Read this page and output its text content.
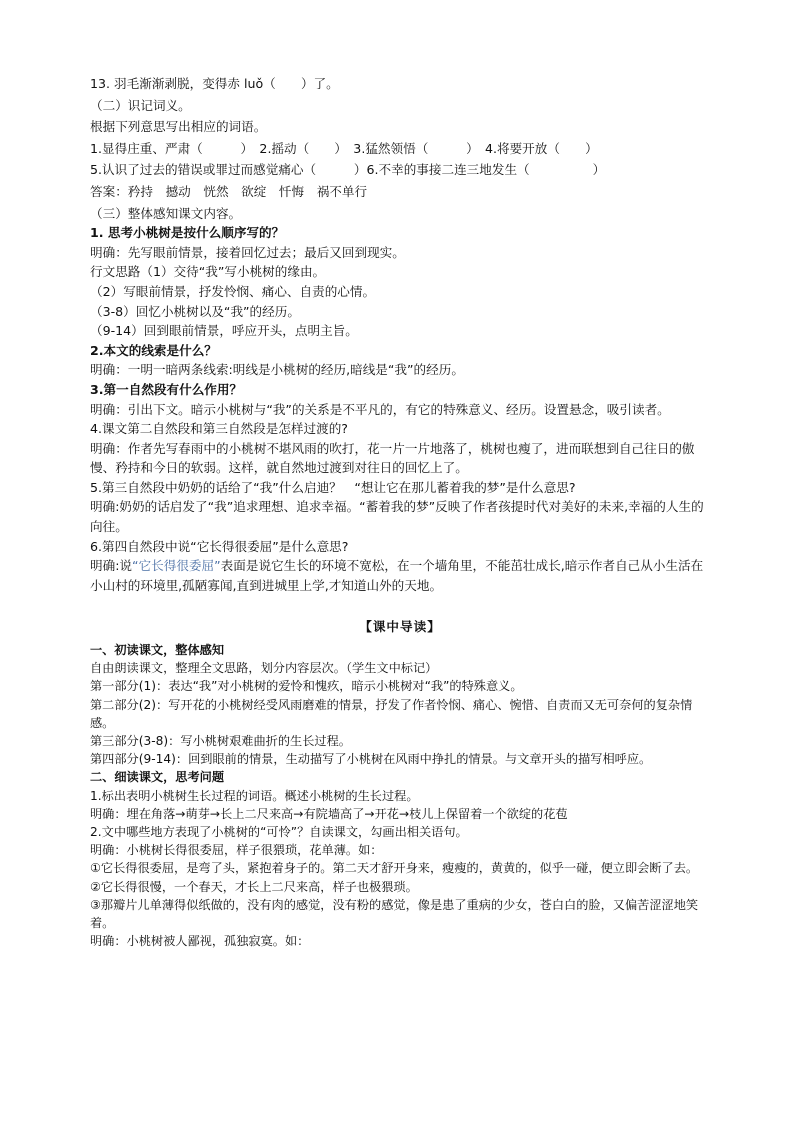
13. 羽毛渐渐剥脱，变得赤 luǒ（　　）了。

（二）识记词义。

根据下列意思写出相应的词语。

1.显得庄重、严肃（　　　）　2.摇动（　　）　3.猛然领悟（　　　）　4.将要开放（　　）

5.认识了过去的错误或罪过而感觉痛心（　　　）6.不幸的事接二连三地发生（　　　　　）

答案：矜持　撼动　恍然　欲绽　忏悔　祸不单行

（三）整体感知课文内容。

1. 思考小桃树是按什么顺序写的？

明确：先写眼前情景，接着回忆过去；最后又回到现实。

行文思路（1）交待“我”写小桃树的缘由。

（2）写眼前情景，抒发怜悯、痛心、自责的心情。

（3-8）回忆小桃树以及“我”的经历。

（9-14）回到眼前情景，呼应开头，点明主旨。

2.本文的线索是什么？

明确：一明一暗两条线索:明线是小桃树的经历,暗线是“我”的经历。

3.第一自然段有什么作用？

明确：引出下文。暗示小桃树与“我”的关系是不平凡的，有它的特殊意义、经历。设置悬念，吸引读者。

4.课文第二自然段和第三自然段是怎样过渡的?

明确：作者先写春雨中的小桃树不堪风雨的吹打，花一片一片地落了，桃树也瘦了，进而联想到自己往日的傲慢、矜持和今日的软弱。这样，就自然地过渡到对往日的回忆上了。

5.第三自然段中奶奶的话给了“我”什么启迪？　“想让它在那儿蓄着我的梦”是什么意思?

明确:奶奶的话启发了“我”追求理想、追求幸福。“蓄着我的梦”反映了作者孩提时代对美好的未来,幸福的人生的向往。

6.第四自然段中说“它长得很委屈”是什么意思?

明确:说“它长得很委屈”表面是说它生长的环境不宽松，在一个墙角里，不能茁壮成长,暗示作者自己从小生活在小山村的环境里,孤陋寡闻,直到进城里上学,才知道山外的天地。

【课中导读】

一、初读课文，整体感知

自由朗读课文，整理全文思路，划分内容层次。（学生文中标记）

第一部分(1)：表达“我”对小桃树的爱怜和愧疚，暗示小桃树对“我”的特殊意义。

第二部分(2)：写开花的小桃树经受风雨磨难的情景，抒发了作者怜悯、痛心、惋惜、自责而又无可奈何的复杂情感。

第三部分(3-8)：写小桃树艰难曲折的生长过程。

第四部分(9-14)：回到眼前的情景，生动描写了小桃树在风雨中挣扎的情景。与文章开头的描写相呼应。

二、细读课文，思考问题

1.标出表明小桃树生长过程的词语。概述小桃树的生长过程。

明确：埋在角落→萌芽→长上二尺来高→有院墙高了→开花→枝儿上保留着一个欲绽的花苞

2.文中哪些地方表现了小桃树的“可怜”？自读课文，勾画出相关语句。

明确：小桃树长得很委屈，样子很猥琐，花单薄。如：

①它长得很委屈，是弯了头，紧抱着身子的。第二天才舒开身来，瘦瘦的，黄黄的，似乎一碰，便立即会断了去。

②它长得很慢，一个春天，才长上二尺来高，样子也极猥琐。

③那瓣片儿单薄得似纸做的，没有肉的感觉，没有粉的感觉，像是患了重病的少女，苍白白的脸，又偏苦涩涩地笑着。

明确：小桃树被人鄙视，孤独寂寞。如：
